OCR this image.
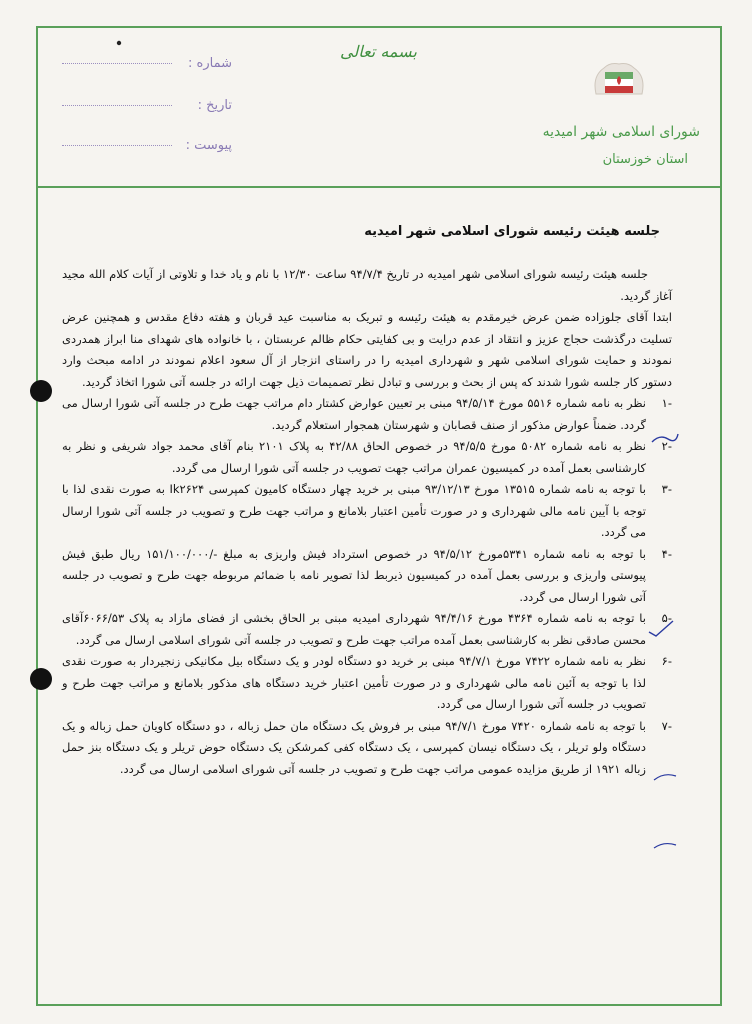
بسمه تعالی
شماره :
تاریخ :
پیوست :
شورای اسلامی شهر امیدیه
استان خوزستان
جلسه هیئت رئیسه شورای اسلامی شهر امیدیه

جلسه هیئت رئیسه شورای اسلامی شهر امیدیه در تاریخ ۹۴/۷/۴ ساعت ۱۲/۳۰ با نام و یاد خدا و تلاوتی از آیات کلام الله مجید آغاز گردید.

ابتدا آقای جلوزاده ضمن عرض خیرمقدم به هیئت رئیسه و تبریک به مناسبت عید قربان و هفته دفاع مقدس و همچنین عرض تسلیت درگذشت حجاج عزیز و انتقاد از عدم درایت و بی کفایتی حکام ظالم عربستان ، با خانواده های شهدای منا ابراز همدردی نمودند و حمایت شورای اسلامی شهر و شهرداری امیدیه را در راستای انزجار از آل سعود اعلام نمودند در ادامه مبحث وارد دستور کار جلسه شورا شدند که پس از بحث و بررسی و تبادل نظر تصمیمات ذیل جهت ارائه در جلسه آتی شورا اتخاذ گردید.

-۱

نظر به نامه شماره ۵۵۱۶ مورخ ۹۴/۵/۱۴ مبنی بر تعیین عوارض کشتار دام مراتب جهت طرح در جلسه آتی شورا ارسال می گردد. ضمناً عوارض مذکور از صنف قصابان و شهرستان همجوار استعلام گردید.

-۲

نظر به نامه شماره ۵۰۸۲ مورخ ۹۴/۵/۵ در خصوص الحاق ۴۲/۸۸ به پلاک ۲۱۰۱ بنام آقای محمد جواد شریفی و نظر به کارشناسی بعمل آمده در کمیسیون عمران مراتب جهت تصویب در جلسه آتی شورا ارسال می گردد.

-۳

با توجه به نامه شماره ۱۳۵۱۵ مورخ ۹۳/۱۲/۱۳ مبنی بر خرید چهار دستگاه کامیون کمپرسی Ik۲۶۲۴ به صورت نقدی لذا با توجه با آیین نامه مالی شهرداری و در صورت تأمین اعتبار بلامانع و مراتب جهت طرح و تصویب در جلسه آتی شورا ارسال می گردد.

-۴

با توجه به نامه شماره ۵۳۴۱مورخ ۹۴/۵/۱۲ در خصوص استرداد فیش واریزی به مبلغ -/۱۵۱/۱۰۰/۰۰۰ ریال طبق فیش پیوستی واریزی و بررسی بعمل آمده در کمیسیون ذیربط لذا تصویر نامه با ضمائم مربوطه جهت طرح و تصویب در جلسه آتی شورا ارسال می گردد.

-۵

با توجه به نامه شماره ۴۳۶۴ مورخ ۹۴/۴/۱۶ شهرداری امیدیه مبنی بر الحاق بخشی از فضای مازاد به پلاک ۶۰۶۶/۵۳آقای محسن صادقی نظر به کارشناسی بعمل آمده مراتب جهت طرح و تصویب در جلسه آتی شورای اسلامی ارسال می گردد.

-۶

نظر به نامه شماره ۷۴۲۲ مورخ ۹۴/۷/۱ مبنی بر خرید دو دستگاه لودر و یک دستگاه بیل مکانیکی زنجیردار به صورت نقدی لذا با توجه به آئین نامه مالی شهرداری و در صورت تأمین اعتبار خرید دستگاه های مذکور بلامانع و مراتب جهت طرح و تصویب در جلسه آتی شورا ارسال می گردد.

-۷

با توجه به نامه شماره ۷۴۲۰ مورخ ۹۴/۷/۱ مبنی بر فروش یک دستگاه مان حمل زباله ، دو دستگاه کاویان حمل زباله و یک دستگاه ولو تریلر ، یک دستگاه نیسان کمپرسی ، یک دستگاه کفی کمرشکن یک دستگاه حوض تریلر و یک دستگاه بنز حمل زباله ۱۹۲۱ از طریق مزایده عمومی مراتب جهت طرح و تصویب در جلسه آتی شورای اسلامی ارسال می گردد.
